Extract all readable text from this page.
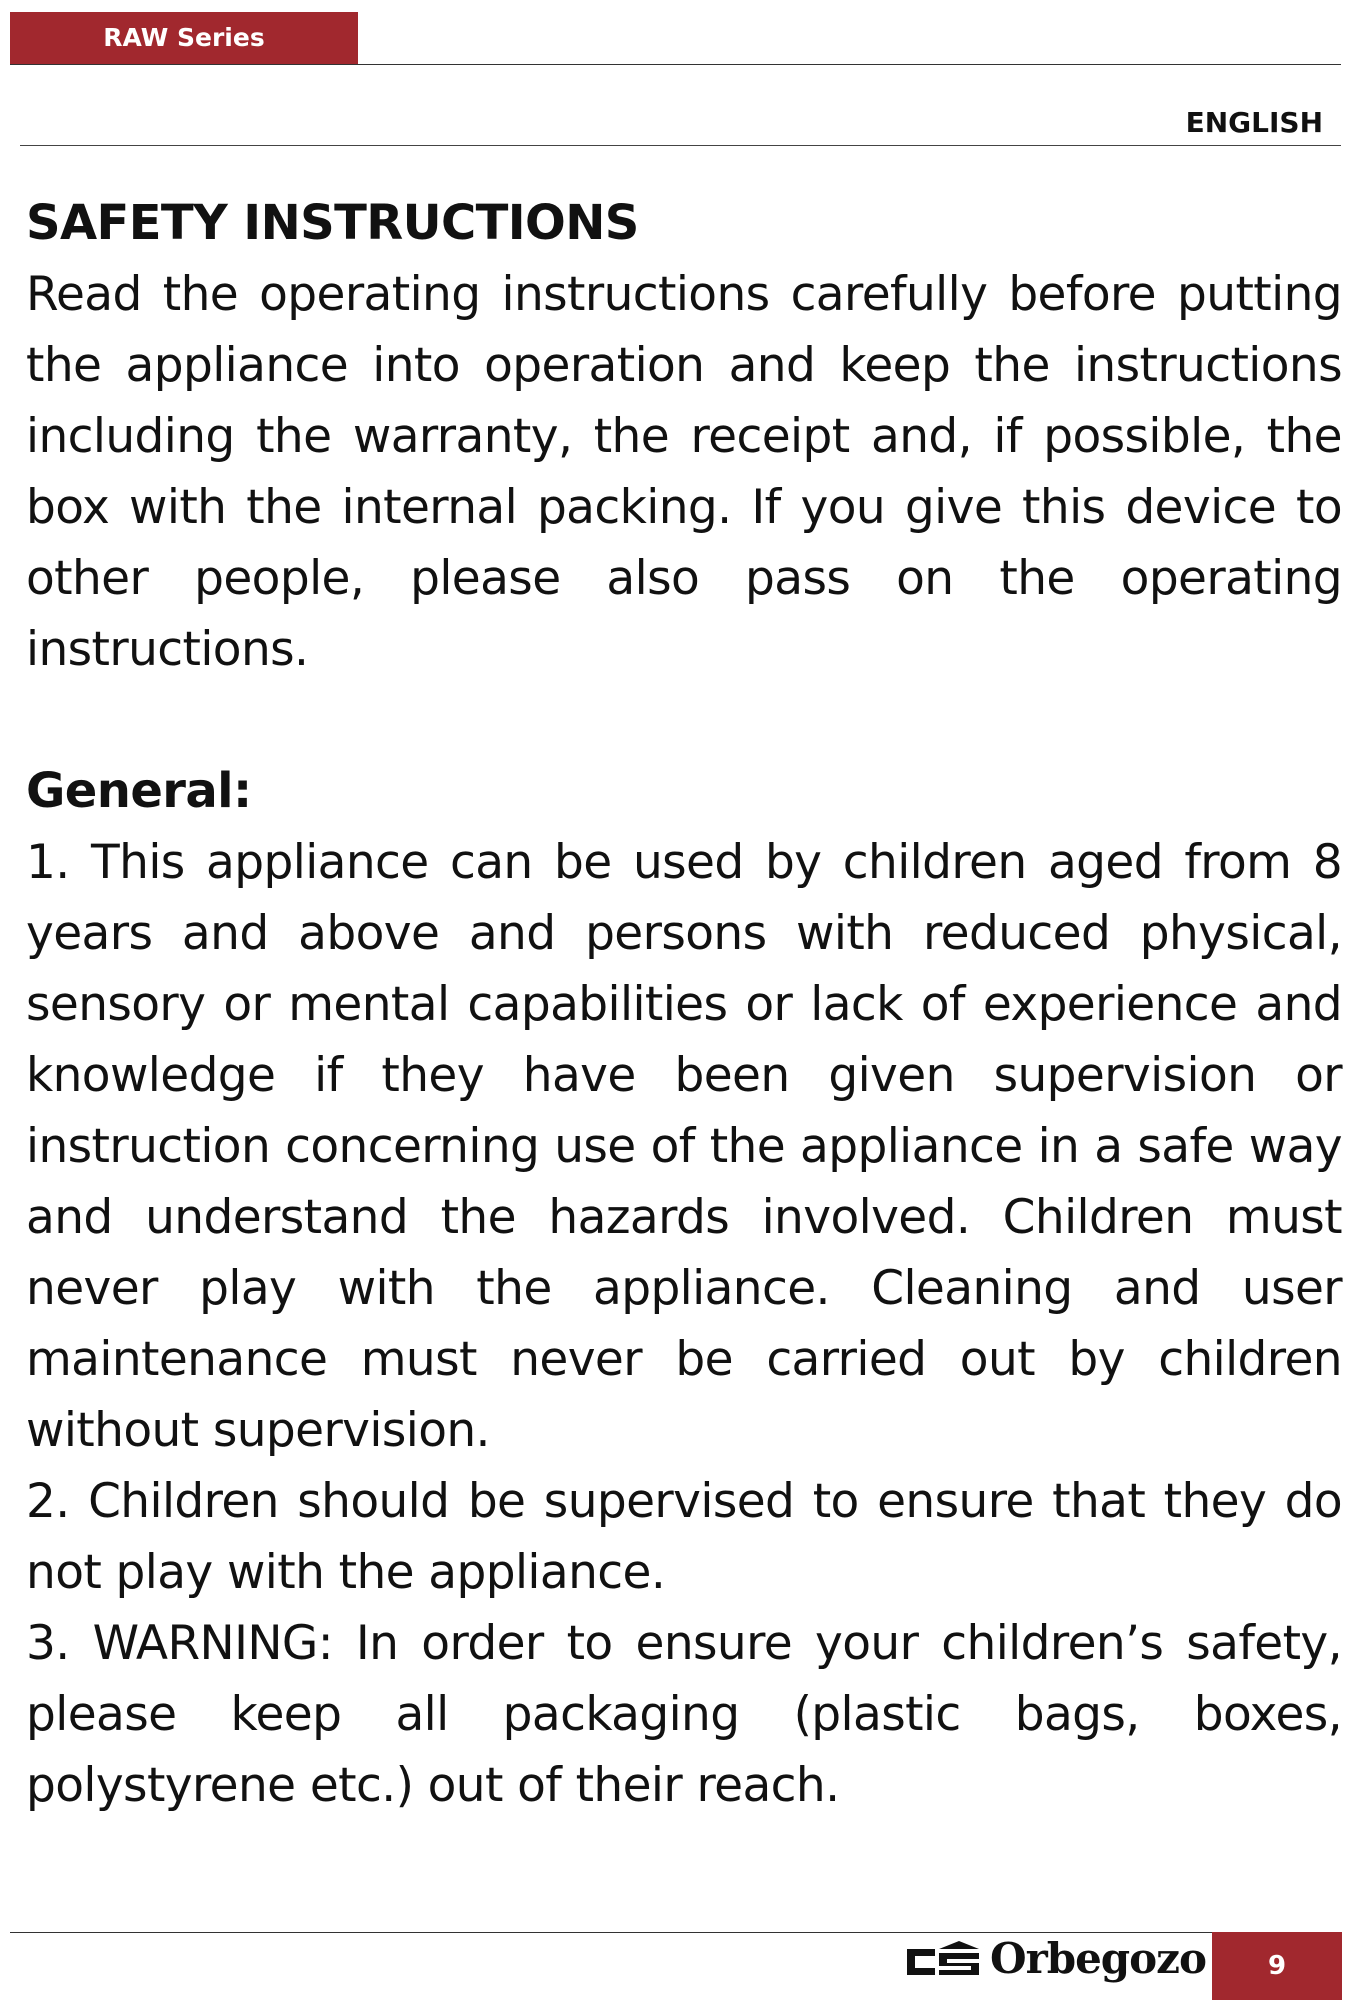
RAW Series
ENGLISH
SAFETY INSTRUCTIONS

Read the operating instructions carefully before putting the appliance into operation and keep the instructions including the warranty, the receipt and, if possible, the box with the internal packing. If you give this device to other people, please also pass on the operating instructions.

General:

1. This appliance can be used by children aged from 8 years and above and persons with reduced physical, sensory or mental capabilities or lack of experience and knowledge if they have been given supervision or instruction concerning use of the appliance in a safe way and understand the hazards involved. Children must never play with the appliance. Cleaning and user maintenance must never be carried out by children without supervision.

2. Children should be supervised to ensure that they do not play with the appliance.

3. WARNING: In order to ensure your children’s safety, please keep all packaging (plastic bags, boxes, polystyrene etc.) out of their reach.

Orbegozo	9
